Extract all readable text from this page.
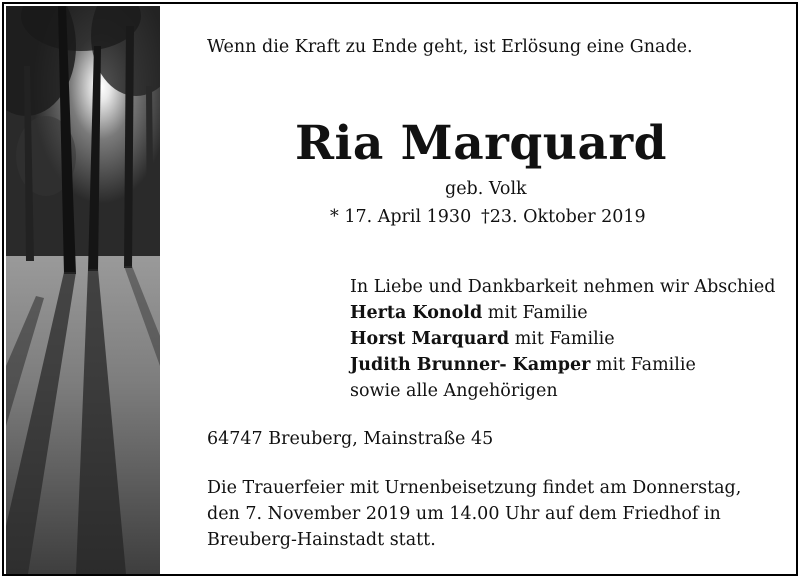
Wenn die Kraft zu Ende geht, ist Erlösung eine Gnade.
Ria Marquard
geb. Volk
* 17. April 1930 †23. Oktober 2019
In Liebe und Dankbarkeit nehmen wir Abschied
Herta Konold mit Familie
Horst Marquard mit Familie
Judith Brunner- Kamper mit Familie
sowie alle Angehörigen
64747 Breuberg, Mainstraße 45
Die Trauerfeier mit Urnenbeisetzung findet am Donnerstag,
den 7. November 2019 um 14.00 Uhr auf dem Friedhof in
Breuberg-Hainstadt statt.
